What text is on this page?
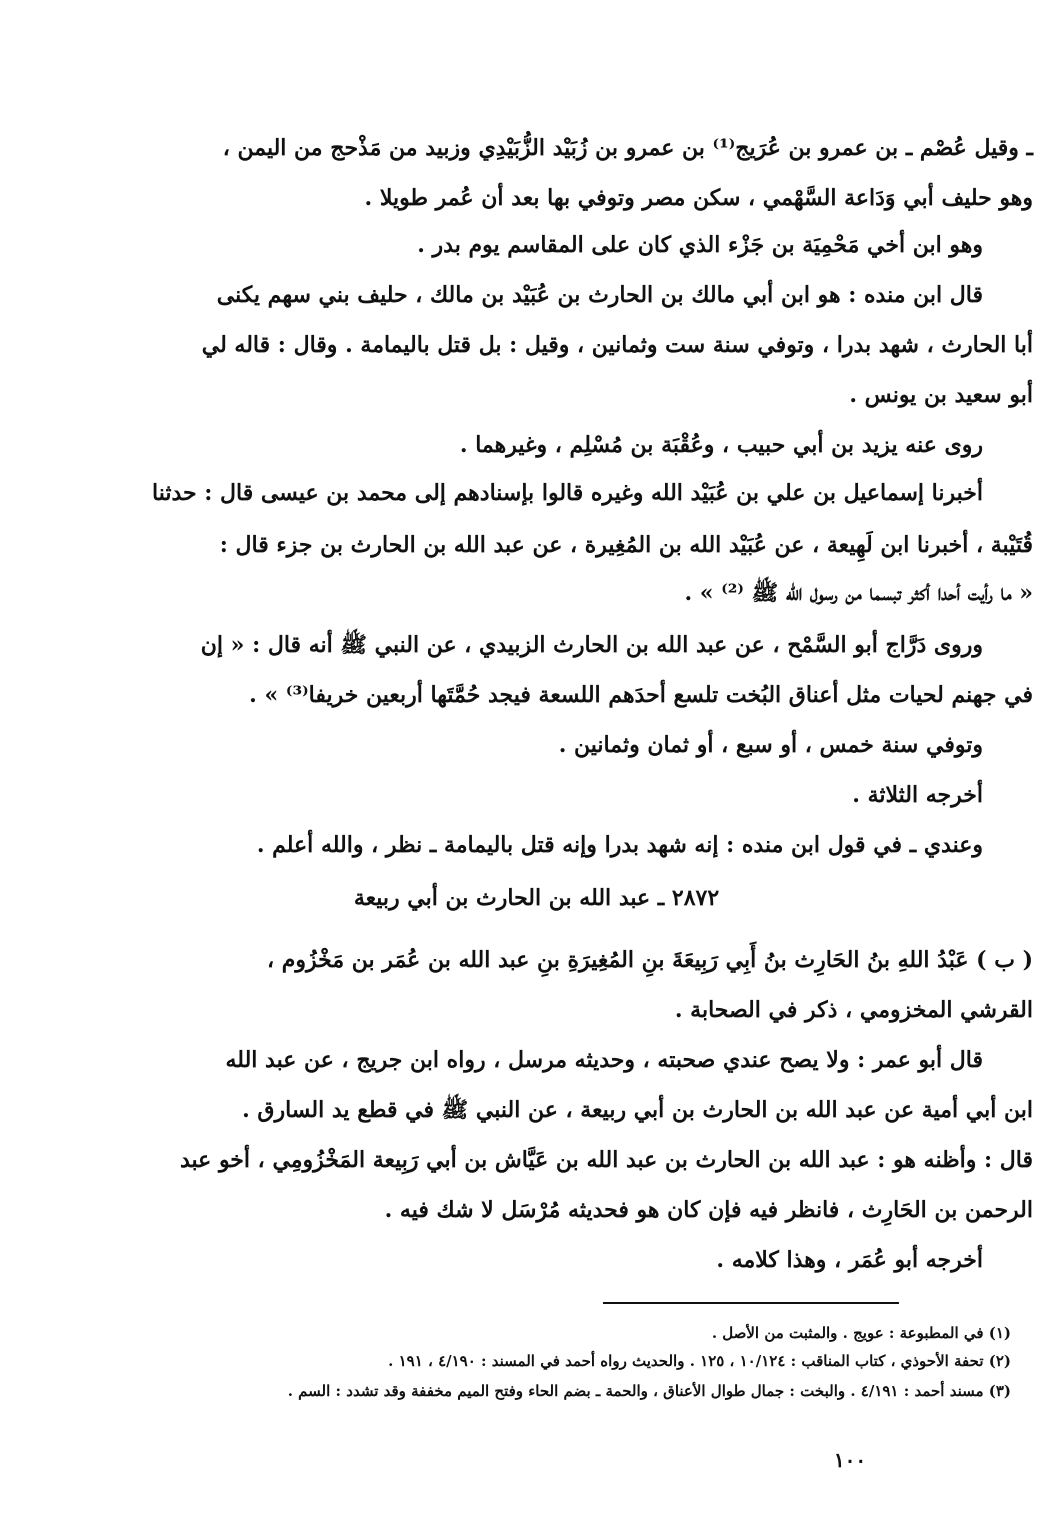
ـ وقيل عُصْم ـ بن عمرو بن عُرَيج⁽¹⁾ بن عمرو بن زُبَيْد الزُّبَيْدِي وزبيد من مَذْحج من اليمن ،
وهو حليف أبي وَدَاعة السَّهْمي ، سكن مصر وتوفي بها بعد أن عُمر طويلا .
وهو ابن أخي مَحْمِيَة بن جَزْء الذي كان على المقاسم يوم بدر .
قال ابن منده : هو ابن أبي مالك بن الحارث بن عُبَيْد بن مالك ، حليف بني سهم يكنى
أبا الحارث ، شهد بدرا ، وتوفي سنة ست وثمانين ، وقيل : بل قتل باليمامة . وقال : قاله لي
أبو سعيد بن يونس .
روى عنه يزيد بن أبي حبيب ، وعُقْبَة بن مُسْلِم ، وغيرهما .
أخبرنا إسماعيل بن علي بن عُبَيْد الله وغيره قالوا بإسنادهم إلى محمد بن عيسى قال : حدثنا
قُتَيْبة ، أخبرنا ابن لَهِيعة ، عن عُبَيْد الله بن المُغِيرة ، عن عبد الله بن الحارث بن جزء قال :
« ما رأيت أحدا أكثر تبسما من رسول الله ﷺ ⁽²⁾ » .
وروى دَرَّاج أبو السَّمْح ، عن عبد الله بن الحارث الزبيدي ، عن النبي ﷺ أنه قال : « إن
في جهنم لحيات مثل أعناق البُخت تلسع أحدَهم اللسعة فيجد حُمَّتَها أربعين خريفا⁽³⁾ » .
وتوفي سنة خمس ، أو سبع ، أو ثمان وثمانين .
أخرجه الثلاثة .
وعندي ـ في قول ابن منده : إنه شهد بدرا وإنه قتل باليمامة ـ نظر ، والله أعلم .
۲۸۷۲ ـ عبد الله بن الحارث بن أبي ربيعة
( ب ) عَبْدُ اللهِ بنُ الحَارِث بنُ أَبِي رَبِيعَةَ بنِ المُغِيرَةِ بنِ عبد الله بن عُمَر بن مَخْزُوم ،
القرشي المخزومي ، ذكر في الصحابة .
قال أبو عمر : ولا يصح عندي صحبته ، وحديثه مرسل ، رواه ابن جريج ، عن عبد الله
ابن أبي أمية عن عبد الله بن الحارث بن أبي ربيعة ، عن النبي ﷺ في قطع يد السارق .
قال : وأظنه هو : عبد الله بن الحارث بن عبد الله بن عَيَّاش بن أبي رَبِيعة المَخْزُومِي ، أخو عبد
الرحمن بن الحَارِث ، فانظر فيه فإن كان هو فحديثه مُرْسَل لا شك فيه .
أخرجه أبو عُمَر ، وهذا كلامه .
(١) في المطبوعة : عويج . والمثبت من الأصل .
(٢) تحفة الأحوذي ، كتاب المناقب : ١٠/١٢٤ ، ١٢٥ . والحديث رواه أحمد في المسند : ٤/١٩٠ ، ١٩١ .
(٣) مسند أحمد : ٤/١٩١ . والبخت : جمال طوال الأعناق ، والحمة ـ بضم الحاء وفتح الميم مخففة وقد تشدد : السم .
١٠٠
